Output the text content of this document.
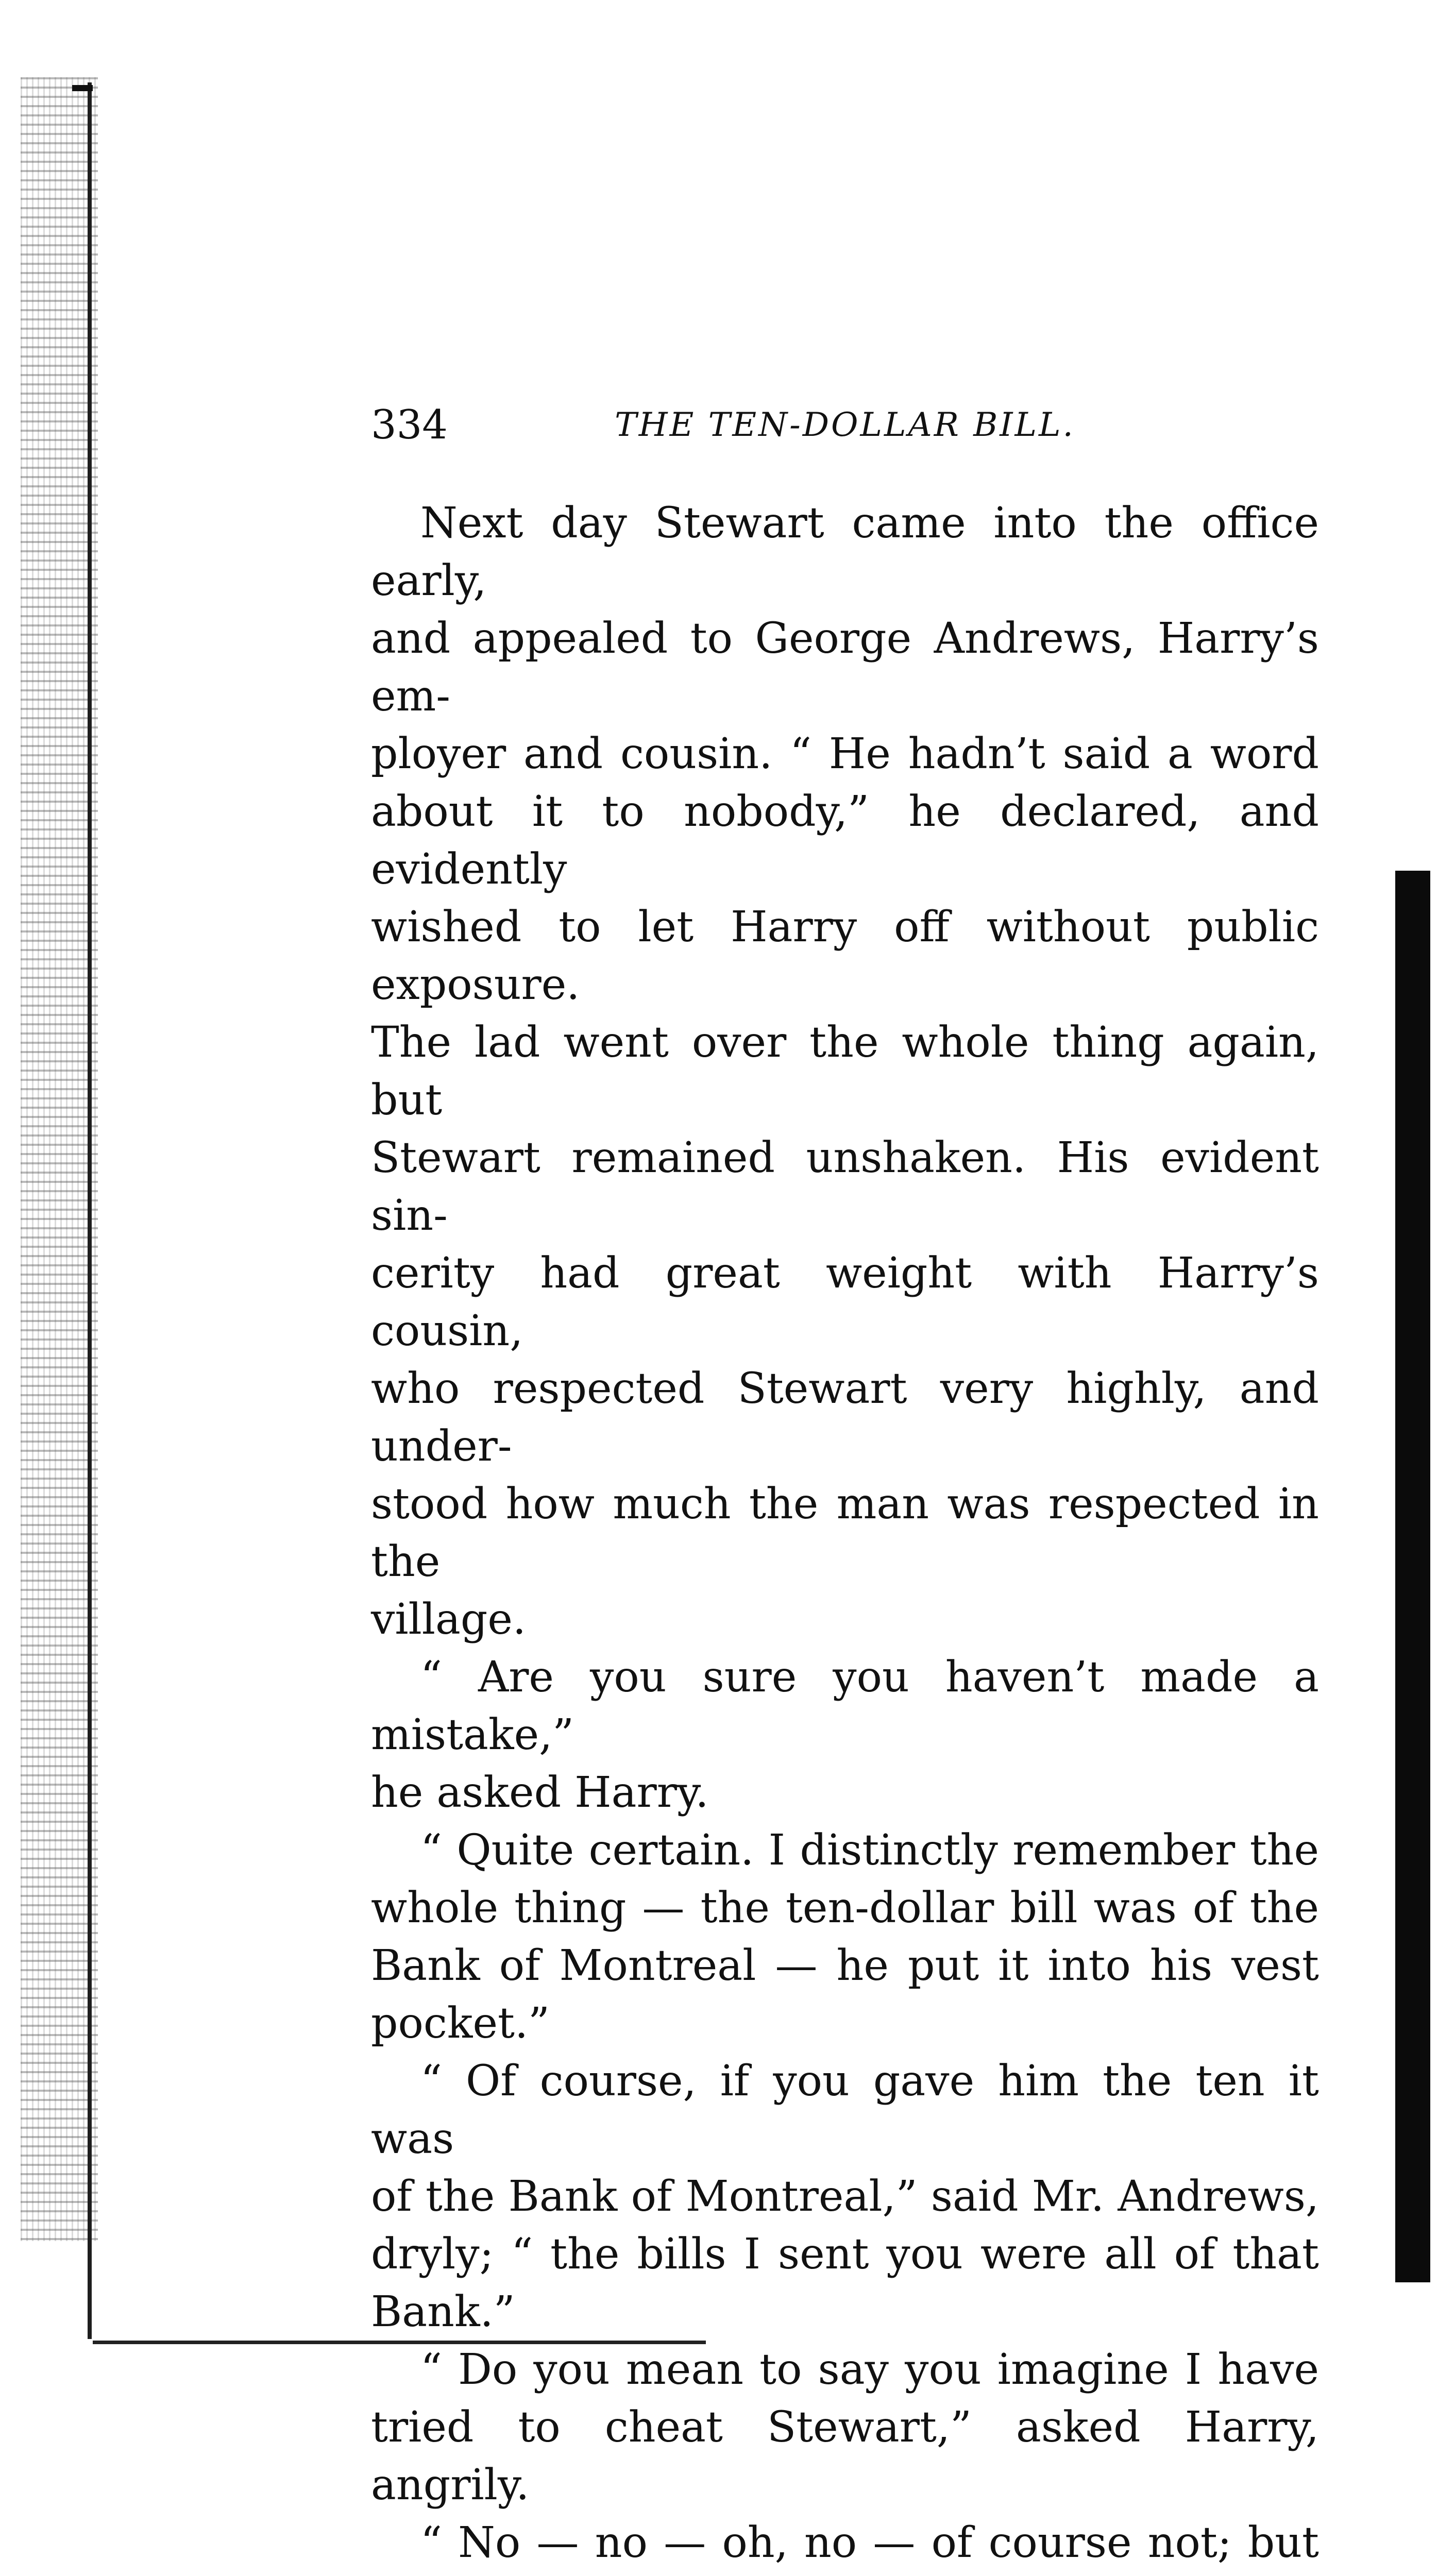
334	THE TEN-DOLLAR BILL.

Next day Stewart came into the office early,

and appealed to George Andrews, Harry’s em-

ployer and cousin. “ He hadn’t said a word

about it to nobody,” he declared, and evidently

wished to let Harry off without public exposure.

The lad went over the whole thing again, but

Stewart remained unshaken. His evident sin-

cerity had great weight with Harry’s cousin,

who respected Stewart very highly, and under-

stood how much the man was respected in the

village.

“ Are you sure you haven’t made a mistake,”

he asked Harry.

“ Quite certain. I distinctly remember the

whole thing — the ten-dollar bill was of the

Bank of Montreal — he put it into his vest

pocket.”

“ Of course, if you gave him the ten it was

of the Bank of Montreal,” said Mr. Andrews,

dryly; “ the bills I sent you were all of that

Bank.”

“ Do you mean to say you imagine I have

tried to cheat Stewart,” asked Harry, angrily.

“ No — no — oh, no — of course not; but
